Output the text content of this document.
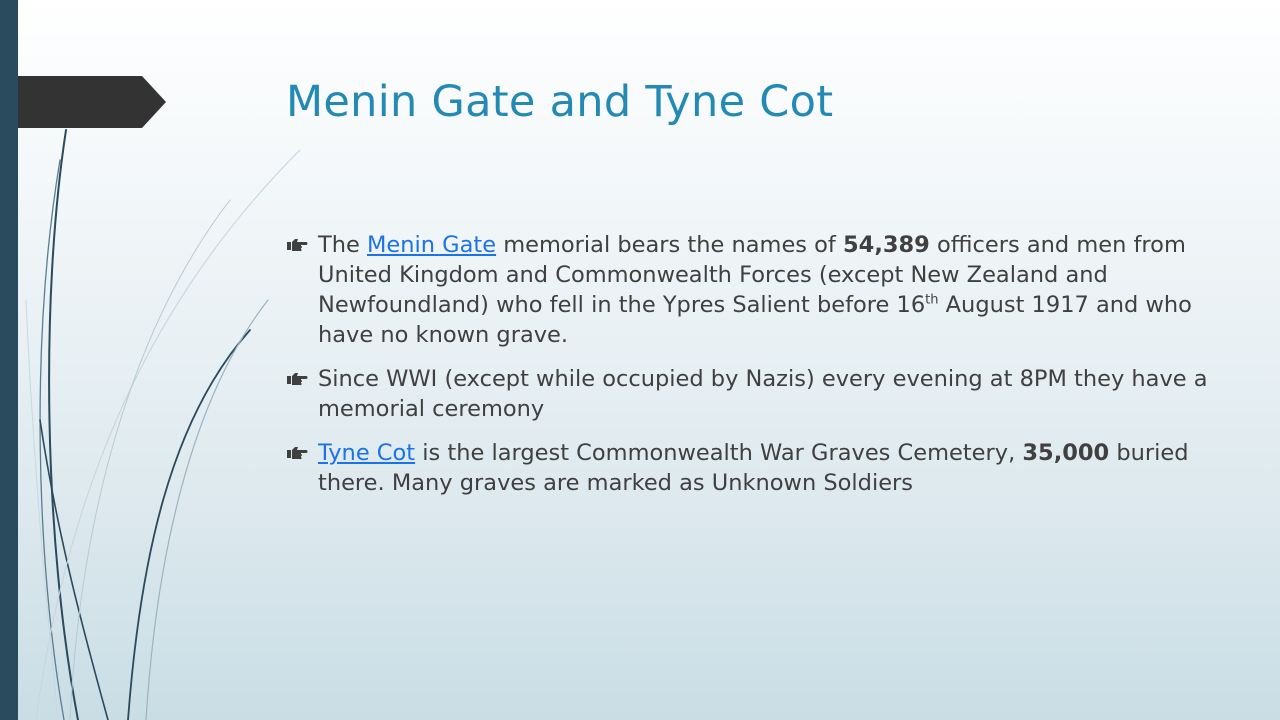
Menin Gate and Tyne Cot
The Menin Gate memorial bears the names of 54,389 officers and men from United Kingdom and Commonwealth Forces (except New Zealand and Newfoundland) who fell in the Ypres Salient before 16th August 1917 and who have no known grave.
Since WWI (except while occupied by Nazis) every evening at 8PM they have a memorial ceremony
Tyne Cot is the largest Commonwealth War Graves Cemetery, 35,000 buried there. Many graves are marked as Unknown Soldiers
